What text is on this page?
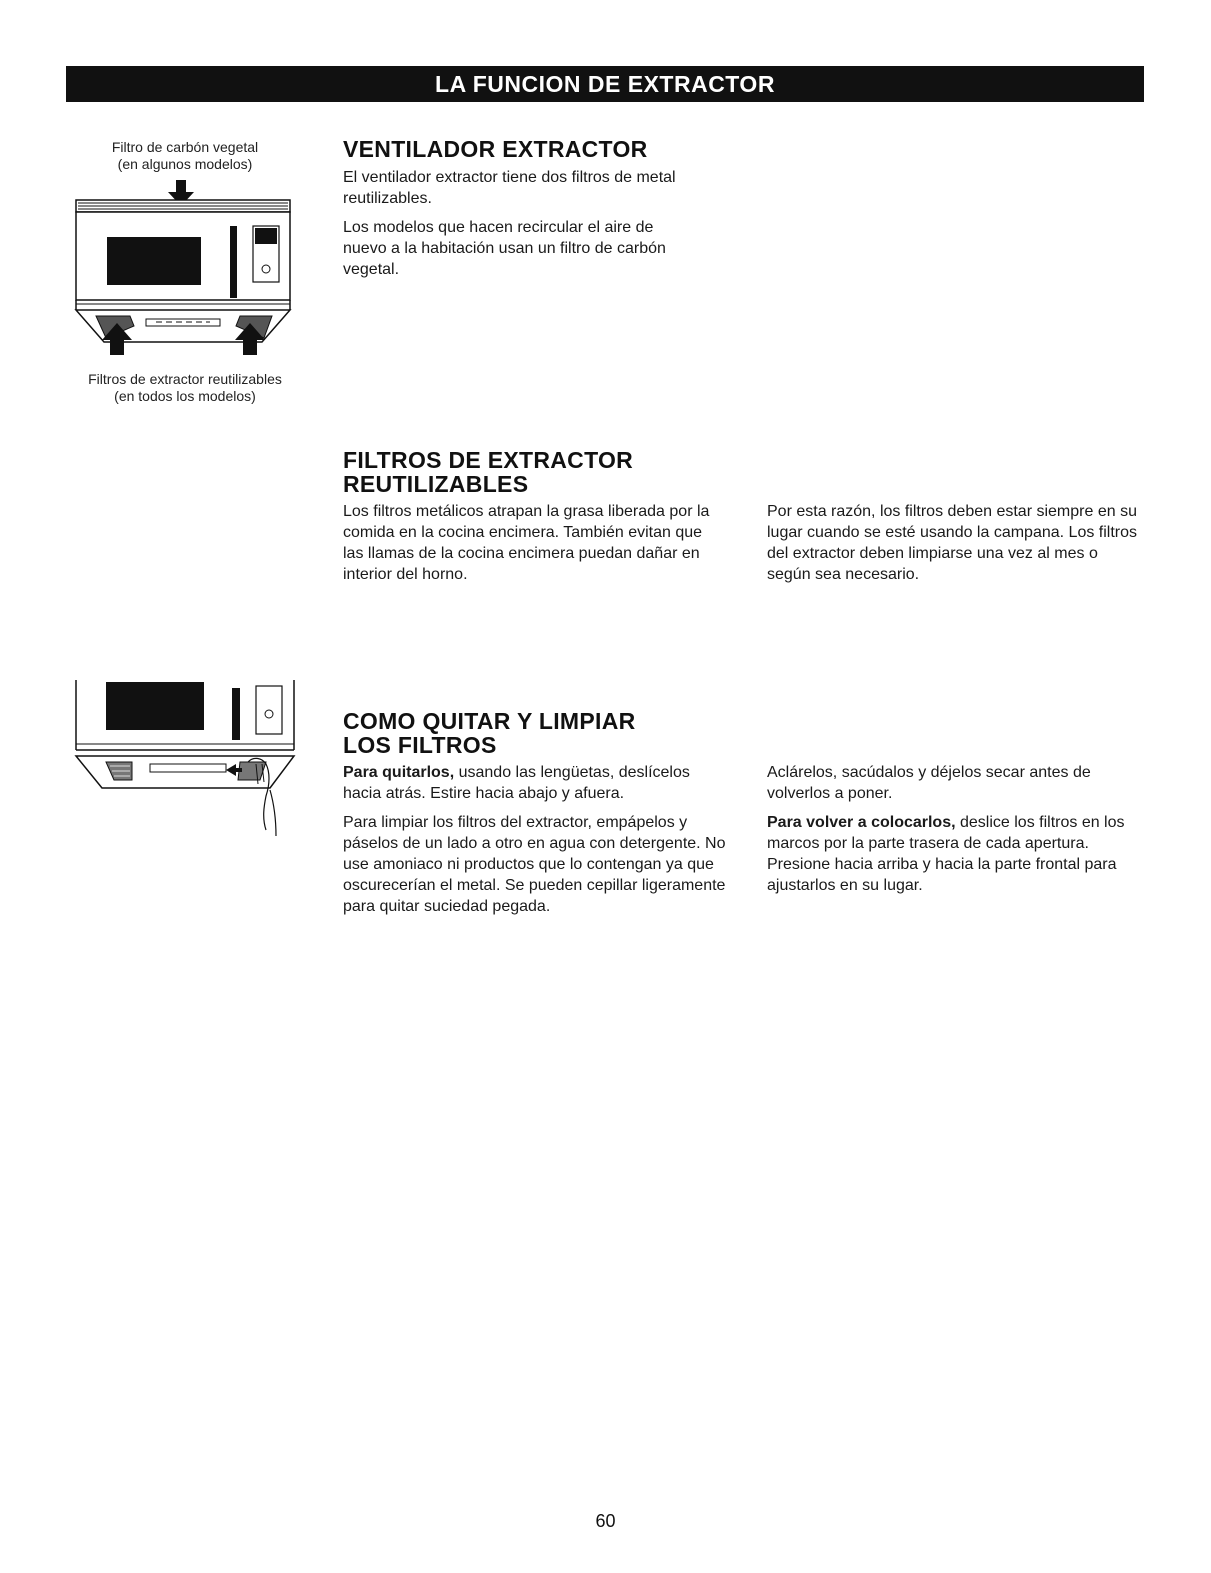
LA FUNCION DE EXTRACTOR
Filtro de carbón vegetal
(en algunos modelos)
Filtros de extractor reutilizables
(en todos los modelos)
VENTILADOR EXTRACTOR

El ventilador extractor tiene dos filtros de metal reutilizables.

Los modelos que hacen recircular el aire de nuevo a la habitación usan un filtro de carbón vegetal.

FILTROS DE EXTRACTOR
REUTILIZABLES

Los filtros metálicos atrapan la grasa liberada por la comida en la cocina encimera. También evitan que las llamas de la cocina encimera puedan dañar en interior del horno.

Por esta razón, los filtros deben estar siempre en su lugar cuando se esté usando la campana. Los filtros del extractor deben limpiarse una vez al mes o según sea necesario.

COMO QUITAR Y LIMPIAR
LOS FILTROS

Para quitarlos, usando las lengüetas, deslícelos hacia atrás. Estire hacia abajo y afuera.

Para limpiar los filtros del extractor, empápelos y páselos de un lado a otro en agua con detergente. No use amoniaco ni productos que lo contengan ya que oscurecerían el metal. Se pueden cepillar ligeramente para quitar suciedad pegada.

Aclárelos, sacúdalos y déjelos secar antes de volverlos a poner.

Para volver a colocarlos, deslice los filtros en los marcos por la parte trasera de cada apertura. Presione hacia arriba y hacia la parte frontal para ajustarlos en su lugar.

60
